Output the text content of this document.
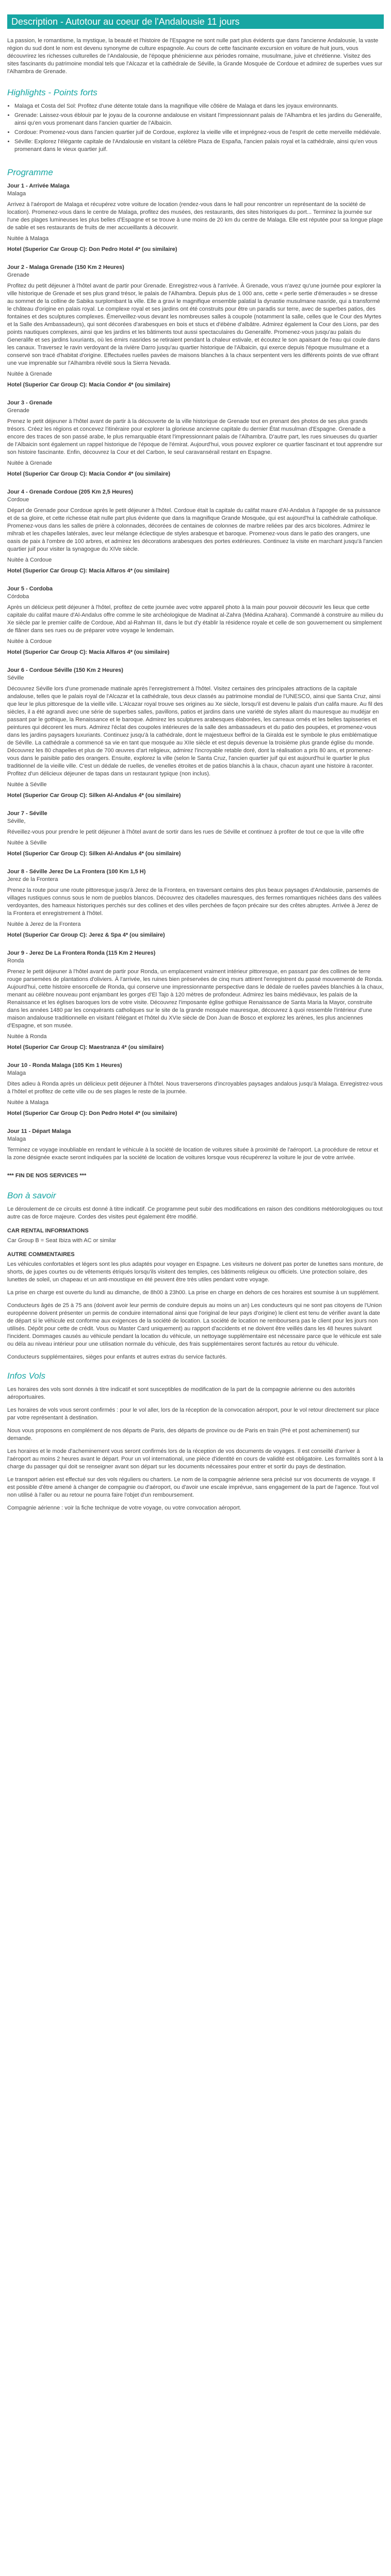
Description - Autotour au coeur de l'Andalousie 11 jours

La passion, le romantisme, la mystique, la beauté et l'histoire de l'Espagne ne sont nulle part plus évidents que dans l'ancienne Andalousie, la vaste région du sud dont le nom est devenu synonyme de culture espagnole. Au cours de cette fascinante excursion en voiture de huit jours, vous découvrirez les richesses culturelles de l'Andalousie, de l'époque phénicienne aux périodes romaine, musulmane, juive et chrétienne. Visitez des sites fascinants du patrimoine mondial tels que l'Alcazar et la cathédrale de Séville, la Grande Mosquée de Cordoue et admirez de superbes vues sur l'Alhambra de Grenade.

Highlights - Points forts
• Malaga et Costa del Sol: Profitez d'une détente totale dans la magnifique ville côtière de Malaga et dans les joyaux environnants.
• Grenade: Laissez-vous éblouir par le joyau de la couronne andalouse en visitant l'impressionnant palais de l'Alhambra et les jardins du Generalife, ainsi qu'en vous promenant dans l'ancien quartier de l'Albaicin.
• Cordoue: Promenez-vous dans l'ancien quartier juif de Cordoue, explorez la vieille ville et imprégnez-vous de l'esprit de cette merveille médiévale.
• Séville: Explorez l'élégante capitale de l'Andalousie en visitant la célèbre Plaza de España, l'ancien palais royal et la cathédrale, ainsi qu'en vous promenant dans le vieux quartier juif.
Programme
Jour 1 - Arrivée Malaga
Malaga
Arrivez à l'aéroport de Malaga et récupérez votre voiture de location (rendez-vous dans le hall pour rencontrer un représentant de la société de location). Promenez-vous dans le centre de Malaga, profitez des musées, des restaurants, des sites historiques du port... Terminez la journée sur l'une des plages lumineuses les plus belles d'Espagne et se trouve à une moins de 20 km du centre de Malaga. Elle est réputée pour sa longue plage de sable et ses restaurants de fruits de mer accueillants à découvrir.
Nuitée à Malaga
Hotel (Superior Car Group C): Don Pedro Hotel 4* (ou similaire)
Jour 2 - Malaga Grenade (150 Km 2 Heures)
Grenade
Profitez du petit déjeuner à l'hôtel avant de partir pour Grenade. Enregistrez-vous à l'arrivée. À Grenade, vous n'avez qu'une journée pour explorer la ville historique de Grenade et ses plus grand trésor, le palais de l'Alhambra. Depuis plus de 1 000 ans, cette « perle sertie d'émeraudes » se dresse au sommet de la colline de Sabika surplombant la ville. Elle a gravi le magnifique ensemble palatial la dynastie musulmane nasride, qui a transformé le château d'origine en palais royal. Le complexe royal et ses jardins ont été construits pour être un paradis sur terre, avec de superbes patios, des fontaines et des sculptures complexes. Émerveillez-vous devant les nombreuses salles à coupole (notamment la salle, celles que le Cour des Myrtes et la Salle des Ambassadeurs), qui sont décorées d'arabesques en bois et stucs et d'ébène d'albâtre. Admirez également la Cour des Lions, par des points nautiques complexes, ainsi que les jardins et les bâtiments tout aussi spectaculaires du Generalife. Promenez-vous jusqu'au palais du Generalife et ses jardins luxuriants, où les émirs nasrides se retiraient pendant la chaleur estivale, et écoutez le son apaisant de l'eau qui coule dans les canaux. Traversez le ravin verdoyant de la rivière Darro jusqu'au quartier historique de l'Albaicin, qui exerce depuis l'époque musulmane et a conservé son tracé d'habitat d'origine. Effectuées ruelles pavées de maisons blanches à la chaux serpentent vers les différents points de vue offrant une vue imprenable sur l'Alhambra révélé sous la Sierra Nevada.
Nuitée à Grenade
Hotel (Superior Car Group C): Macia Condor 4* (ou similaire)
Jour 3 - Grenade
Grenade
Prenez le petit déjeuner à l'hôtel avant de partir à la découverte de la ville historique de Grenade tout en prenant des photos de ses plus grands trésors. Créez les régions et concevez l'itinéraire pour explorer la glorieuse ancienne capitale du dernier État musulman d'Espagne. Grenade a encore des traces de son passé arabe, le plus remarquable étant l'impressionnant palais de l'Alhambra. D'autre part, les rues sinueuses du quartier de l'Albaicin sont également un rappel historique de l'époque de l'émirat. Aujourd'hui, vous pouvez explorer ce quartier fascinant et tout apprendre sur son histoire fascinante. Enfin, découvrez la Cour et del Carbon, le seul caravansérail restant en Espagne.
Nuitée à Grenade
Hotel (Superior Car Group C): Macia Condor 4* (ou similaire)
Jour 4 - Grenade Cordoue (205 Km 2,5 Heures)
Cordoue
Départ de Grenade pour Cordoue après le petit déjeuner à l'hôtel. Cordoue était la capitale du califat maure d'Al-Andalus à l'apogée de sa puissance et de sa gloire, et cette richesse était nulle part plus évidente que dans la magnifique Grande Mosquée, qui est aujourd'hui la cathédrale catholique. Promenez-vous dans les salles de prière à colonnades, décorées de centaines de colonnes de marbre reliées par des arcs bicolores. Admirez le mihrab et les chapelles latérales, avec leur mélange éclectique de styles arabesque et baroque. Promenez-vous dans le patio des orangers, une oasis de paix à l'ombre de 100 arbres, et admirez les décorations arabesques des portes extérieures. Continuez la visite en marchant jusqu'à l'ancien quartier juif pour visiter la synagogue du XIVe siècle.
Nuitée à Cordoue
Hotel (Superior Car Group C): Macia Alfaros 4* (ou similaire)
Jour 5 - Cordoba
Córdoba
Après un délicieux petit déjeuner à l'hôtel, profitez de cette journée avec votre appareil photo à la main pour pouvoir découvrir les lieux que cette capitale du califat maure d'Al-Andalus offre comme le site archéologique de Madinat al-Zahra (Médina Azahara). Commandé à construire au milieu du Xe siècle par le premier calife de Cordoue, Abd al-Rahman III, dans le but d'y établir la résidence royale et celle de son gouvernement ou simplement de flâner dans ses rues ou de préparer votre voyage le lendemain.
Nuitée à Cordoue
Hotel (Superior Car Group C): Macia Alfaros 4* (ou similaire)
Jour 6 - Cordoue Séville (150 Km 2 Heures)
Séville
Découvrez Séville lors d'une promenade matinale après l'enregistrement à l'hôtel. Visitez certaines des principales attractions de la capitale andalouse, telles que le palais royal de l'Alcazar et la cathédrale, tous deux classés au patrimoine mondial de l'UNESCO, ainsi que Santa Cruz, ainsi que leur le plus pittoresque de la vieille ville. L'Alcazar royal trouve ses origines au Xe siècle, lorsqu'il est devenu le palais d'un califa maure. Au fil des siècles, il a été agrandi avec une série de superbes salles, pavillons, patios et jardins dans une variété de styles allant du mauresque au mudéjar en passant par le gothique, la Renaissance et le baroque. Admirez les sculptures arabesques élaborées, les carreaux ornés et les belles tapisseries et peintures qui décorent les murs. Admirez l'éclat des coupoles intérieures de la salle des ambassadeurs et du patio des poupées, et promenez-vous dans les jardins paysagers luxuriants. Continuez jusqu'à la cathédrale, dont le majestueux beffroi de la Giralda est le symbole le plus emblématique de Séville. La cathédrale a commencé sa vie en tant que mosquée au XIIe siècle et est depuis devenue la troisième plus grande église du monde. Découvrez les 80 chapelles et plus de 700 œuvres d'art religieux, admirez l'incroyable retable doré, dont la réalisation a pris 80 ans, et promenez-vous dans le paisible patio des orangers. Ensuite, explorez la ville (selon le Santa Cruz, l'ancien quartier juif qui est aujourd'hui le quartier le plus traditionnel de la vieille ville. C'est un dédale de ruelles, de venelles étroites et de patios blanchis à la chaux, chacun ayant une histoire à raconter. Profitez d'un délicieux déjeuner de tapas dans un restaurant typique (non inclus).
Nuitée à Séville
Hotel (Superior Car Group C): Silken Al-Andalus 4* (ou similaire)
Jour 7 - Séville
Séville,
Réveillez-vous pour prendre le petit déjeuner à l'hôtel avant de sortir dans les rues de Séville et continuez à profiter de tout ce que la ville offre
Nuitée à Séville
Hotel (Superior Car Group C): Silken Al-Andalus 4* (ou similaire)
Jour 8 - Séville Jerez De La Frontera (100 Km 1,5 H)
Jerez de la Frontera
Prenez la route pour une route pittoresque jusqu'à Jerez de la Frontera, en traversant certains des plus beaux paysages d'Andalousie, parsemés de villages rustiques connus sous le nom de pueblos blancos. Découvrez des citadelles mauresques, des fermes romantiques nichées dans des vallées verdoyantes, des hameaux historiques perchés sur des collines et des villes perchées de façon précaire sur des crêtes abruptes. Arrivée à Jerez de la Frontera et enregistrement à l'hôtel.
Nuitée à Jerez de la Frontera
Hotel (Superior Car Group C): Jerez & Spa 4* (ou similaire)
Jour 9 - Jerez De La Frontera Ronda (115 Km 2 Heures)
Ronda
Prenez le petit déjeuner à l'hôtel avant de partir pour Ronda, un emplacement vraiment intérieur pittoresque, en passant par des collines de terre rouge parsemées de plantations d'oliviers. À l'arrivée, les ruines bien préservées de cinq murs attirent l'enregistrent du passé mouvementé de Ronda. Aujourd'hui, cette histoire ensorcelle de Ronda, qui conserve une impressionnante perspective dans le dédale de ruelles pavées blanchies à la chaux, menant au célèbre nouveau pont enjambant les gorges d'El Tajo à 120 mètres de profondeur. Admirez les bains médiévaux, les palais de la Renaissance et les églises baroques lors de votre visite. Découvrez l'imposante église gothique Renaissance de Santa Maria la Mayor, construite dans les années 1480 par les conquérants catholiques sur le site de la grande mosquée mauresque, découvrez à quoi ressemble l'intérieur d'une maison andalouse traditionnelle en visitant l'élégant et l'hôtel du XVIe siècle de Don Juan de Bosco et explorez les arènes, les plus anciennes d'Espagne, et son musée.
Nuitée à Ronda
Hotel (Superior Car Group C): Maestranza 4* (ou similaire)
Jour 10 - Ronda Malaga (105 Km 1 Heures)
Malaga
Dites adieu à Ronda après un délicieux petit déjeuner à l'hôtel. Nous traverserons d'incroyables paysages andalous jusqu'à Malaga. Enregistrez-vous à l'hôtel et profitez de cette ville ou de ses plages le reste de la journée.
Nuitée à Malaga
Hotel (Superior Car Group C): Don Pedro Hotel 4* (ou similaire)
Jour 11 - Départ Malaga
Malaga
Terminez ce voyage inoubliable en rendant le véhicule à la société de location de voitures située à proximité de l'aéroport. La procédure de retour et la zone désignée exacte seront indiquées par la société de location de voitures lorsque vous récupérerez la voiture le jour de votre arrivée.
*** FIN DE NOS SERVICES ***
Bon à savoir

Le déroulement de ce circuits est donné à titre indicatif. Ce programme peut subir des modifications en raison des conditions météorologiques ou tout autre cas de force majeure. Cordes des visites peut également être modifié.

CAR RENTAL INFORMATIONS

Car Group B = Seat Ibiza with AC or similar

AUTRE COMMENTAIRES

Les véhicules confortables et légers sont les plus adaptés pour voyager en Espagne. Les visiteurs ne doivent pas porter de lunettes sans monture, de shorts, de jupes courtes ou de vêtements étriqués lorsqu'ils visitent des temples, ces bâtiments religieux ou officiels. Une protection solaire, des lunettes de soleil, un chapeau et un anti-moustique en été peuvent être très utiles pendant votre voyage.

La prise en charge est ouverte du lundi au dimanche, de 8h00 à 23h00. La prise en charge en dehors de ces horaires est soumise à un supplément.

Conducteurs âgés de 25 à 75 ans (doivent avoir leur permis de conduire depuis au moins un an) Les conducteurs qui ne sont pas citoyens de l'Union européenne doivent présenter un permis de conduire international ainsi que l'original de leur pays d'origine) le client est tenu de vérifier avant la date de départ si le véhicule est conforme aux exigences de la société de location. La société de location ne remboursera pas le client pour les jours non utilisés. Dépôt pour cette de crédit. Vous ou Master Card uniquement) au rapport d'accidents et ne doivent être veillés dans les 48 heures suivant l'incident. Dommages causés au véhicule pendant la location du véhicule, un nettoyage supplémentaire est nécessaire parce que le véhicule est sale ou déla au niveau intérieur pour une utilisation normale du véhicule, des frais supplémentaires seront facturés au retour du véhicule.

Conducteurs supplémentaires, sièges pour enfants et autres extras du service facturés.

Infos Vols

Les horaires des vols sont donnés à titre indicatif et sont susceptibles de modification de la part de la compagnie aérienne ou des autorités aéroportuaires.

Les horaires de vols vous seront confirmés : pour le vol aller, lors de la réception de la convocation aéroport, pour le vol retour directement sur place par votre représentant à destination.

Nous vous proposons en complément de nos départs de Paris, des départs de province ou de Paris en train (Pré et post acheminement) sur demande.

Les horaires et le mode d'acheminement vous seront confirmés lors de la réception de vos documents de voyages. Il est conseillé d'arriver à l'aéroport au moins 2 heures avant le départ. Pour un vol international, une pièce d'identité en cours de validité est obligatoire. Les formalités sont à la charge du passager qui doit se renseigner avant son départ sur les documents nécessaires pour entrer et sortir du pays de destination.

Le transport aérien est effectué sur des vols réguliers ou charters. Le nom de la compagnie aérienne sera précisé sur vos documents de voyage. Il est possible d'être amené à changer de compagnie ou d'aéroport, ou d'avoir une escale imprévue, sans engagement de la part de l'agence. Tout vol non utilisé à l'aller ou au retour ne pourra faire l'objet d'un remboursement.

Compagnie aérienne : voir la fiche technique de votre voyage, ou votre convocation aéroport.
